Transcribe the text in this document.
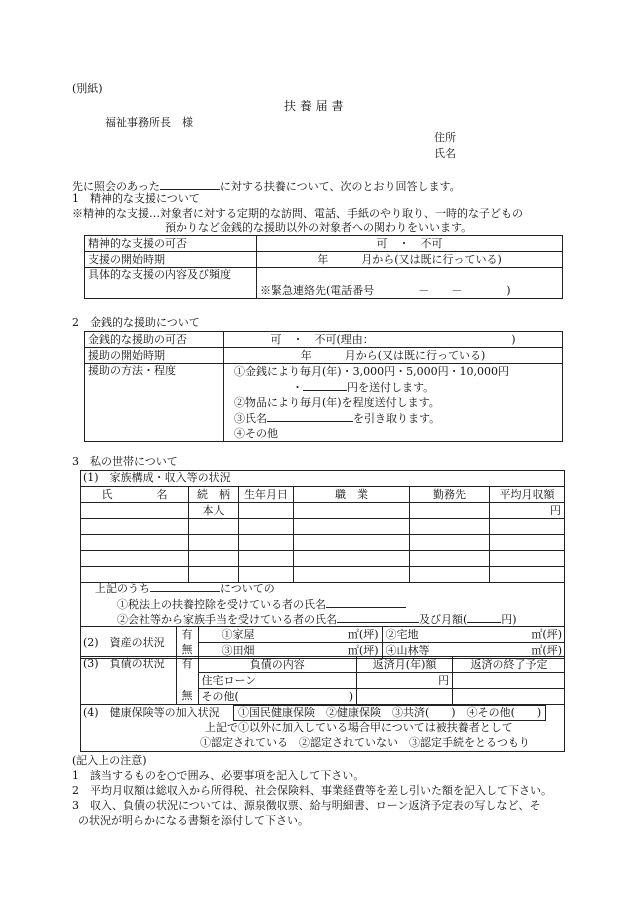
(別紙)
扶 養 届 書
福祉事務所長　様
住所
氏名
先に照会のあった	に対する扶養について、次のとおり回答します。
1　精神的な支援について
※精神的な支援…対象者に対する定期的な訪問、電話、手紙のやり取り、一時的な子どもの
預かりなど金銭的な援助以外の対象者への関わりをいいます。
精神的な支援の可否	可　・　不可
支援の開始時期	年　　　月から(又は既に行っている)
具体的な支援の内容及び頻度	※緊急連絡先(電話番号　　　　－　　－　　　　)
2　金銭的な援助について
金銭的な援助の可否	可　・　不可(理由：　　　　　　　　　　　　　)
援助の開始時期	年　　　月から(又は既に行っている)
援助の方法・程度	①金銭により毎月(年)・3,000円・5,000円・10,000円
・ 円を送付します。
②物品により毎月(年)を程度送付します。
③氏名 を引き取ります。
④その他
3　私の世帯について
(1)　家族構成・収入等の状況
氏　　　　名	続　柄	生年月日	職　業	勤務先	平均月収額
	本人				円

上記のうち	についての
①税法上の扶養控除を受けている者の氏名
②会社等から家族手当を受けている者の氏名	及び月額(	円)
(2)　資産の状況	有	①家屋 ㎡(坪)	②宅地 ㎡(坪)

	無	③田畑 ㎡(坪)	④山林等 ㎡(坪)
(3)　負債の状況	有	負債の内容	返済月(年)額	返済の終了予定
		住宅ローン	円	
	無	その他(　　　　　　　　　　)		
(4)　健康保険等の加入状況	①国民健康保険　②健康保険　③共済(　　)　④その他(　　)
上記で①以外に加入している場合甲については被扶養者として
①認定されている　②認定されていない　③認定手続をとるつもり
(記入上の注意)
1　該当するものを○で囲み、必要事項を記入して下さい。
2　平均月収額は総収入から所得税、社会保険料、事業経費等を差し引いた額を記入して下さい。
3　収入、負債の状況については、源泉徴収票、給与明細書、ローン返済予定表の写しなど、そ
の状況が明らかになる書類を添付して下さい。
